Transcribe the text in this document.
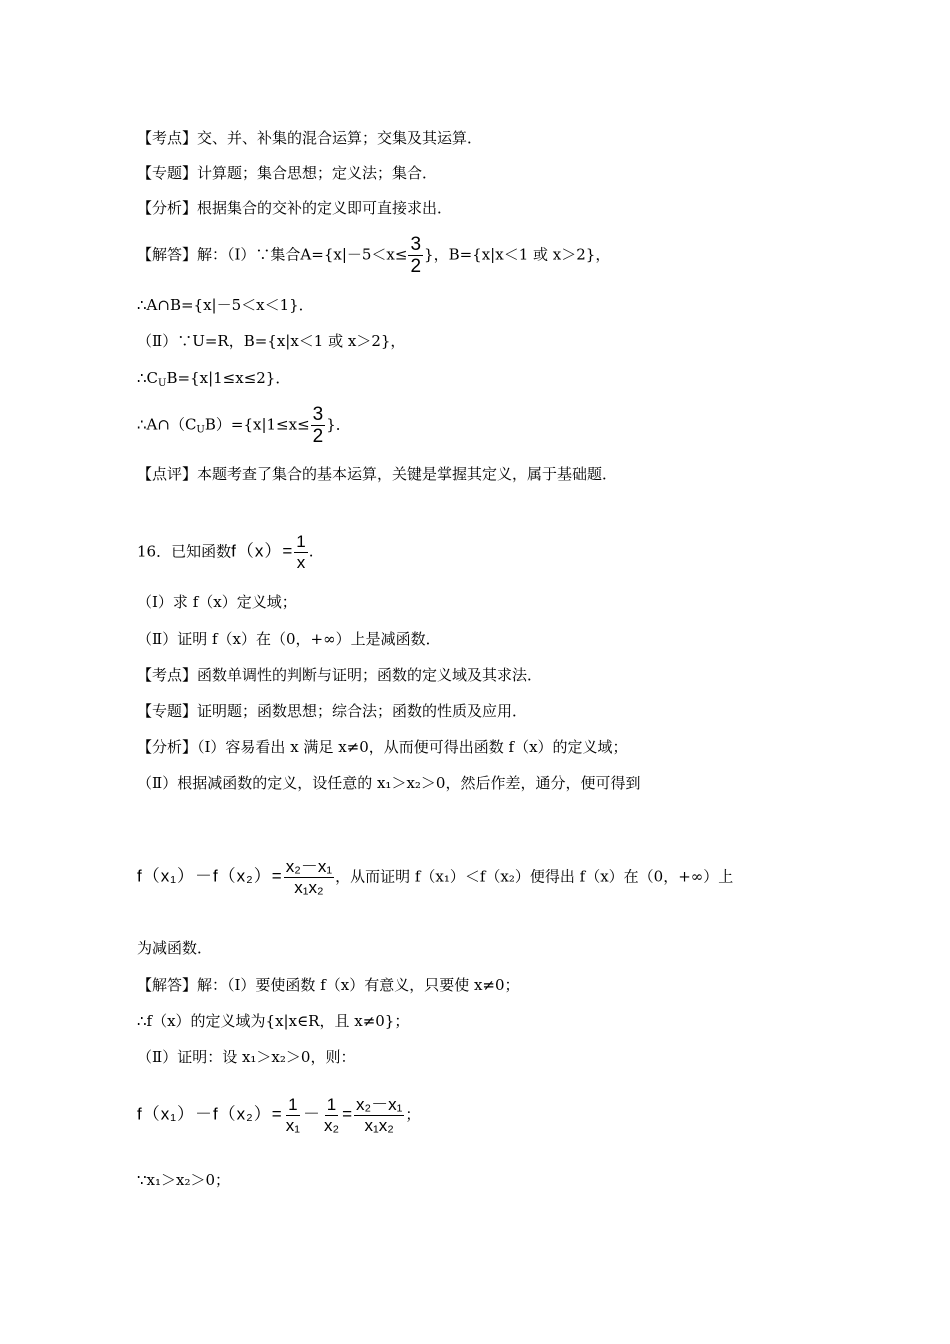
【考点】交、并、补集的混合运算；交集及其运算．
【专题】计算题；集合思想；定义法；集合．
【分析】根据集合的交补的定义即可直接求出．
【解答】解：（Ⅰ）∵集合$A=\{x|-5<x\le \frac{3}{2}$ }，B={x|x＜1 或 x＞2}，
∴A∩B={x|－5＜x＜1}．
（Ⅱ）∵U=R，B={x|x＜1 或 x＞2}，
$\therefore C_UB=\{x|1\le x\le 2\}$．
$\therefore A\cap(C_UB)=\{x|1\le x\le \frac{3}{2}$ }．
【点评】本题考查了集合的基本运算，关键是掌握其定义，属于基础题．
16．已知函数$f(x)= \frac{1}{x}$ .
（Ⅰ）求 f（x）定义域；
（Ⅱ）证明 f（x）在（0，+∞）上是减函数．
【考点】函数单调性的判断与证明；函数的定义域及其求法．
【专题】证明题；函数思想；综合法；函数的性质及应用．
【分析】（Ⅰ）容易看出 x 满足 x≠0，从而便可得出函数 f（x）的定义域；
（Ⅱ）根据减函数的定义，设任意的 x₁＞x₂＞0，然后作差，通分，便可得到
$f(x_1)-f(x_2)= \frac{\text{x₂－x₁}}{\text{x₁x₂}}$ ，从而证明 f（x₁）＜f（x₂）便得出 f（x）在（0，+∞）上
为减函数．
【解答】解：（Ⅰ）要使函数 f（x）有意义，只要使 x≠0；
∴f（x）的定义域为{x|x∈R，且 x≠0}；
（Ⅱ）证明：设 x₁＞x₂＞0，则：
$f(x_1)-f(x_2)= \frac{1}{\text{x₁}} - \frac{1}{\text{x₂}} = \frac{\text{x₂－x₁}}{\text{x₁x₂}}$ ；
∵x₁＞x₂＞0；
